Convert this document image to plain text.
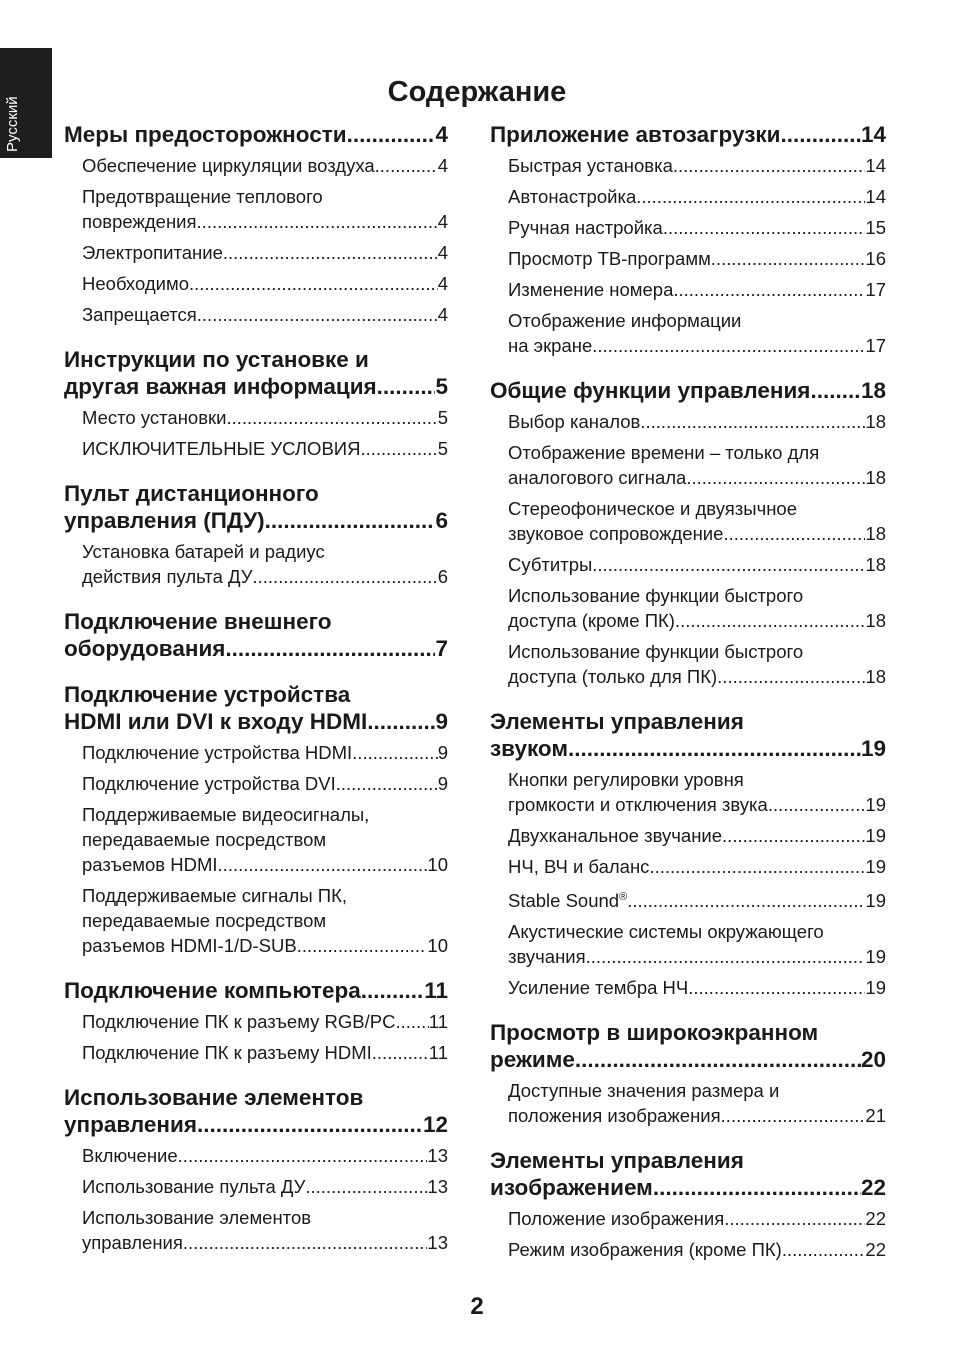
Русский
Содержание
Меры предосторожности .....	4
Обеспечение циркуляции воздуха .....	4
Предотвращение теплового
повреждения .....	4
Электропитание .....	4
Необходимо .....	4
Запрещается .....	4
Инструкции по установке и
другая важная информация .....	5
Место установки .....	5
ИСКЛЮЧИТЕЛЬНЫЕ УСЛОВИЯ .....	5
Пульт дистанционного
управления (ПДУ) .....	6
Установка батарей и радиус
действия пульта ДУ .....	6
Подключение внешнего
оборудования .....	7
Подключение устройства
HDMI или DVI к входу HDMI .....	9
Подключение устройства HDMI .....	9
Подключение устройства DVI .....	9
Поддерживаемые видеосигналы,
передаваемые посредством
разъемов HDMI .....	10
Поддерживаемые сигналы ПК,
передаваемые посредством
разъемов HDMI-1/D-SUB .....	10
Подключение компьютера .....	11
Подключение ПК к разъему RGB/PC ..... 11
Подключение ПК к разъему HDMI .....	11
Использование элементов
управления .....	12
Включение .....	13
Использование пульта ДУ .....	13
Использование элементов
управления .....	13
Приложение автозагрузки .....	14
Быстрая установка .....	14
Автонастройка .....	14
Ручная настройка .....	15
Просмотр ТВ-программ .....	16
Изменение номера .....	17
Отображение информации
на экране .....	17
Общие функции управления ..... 18
Выбор каналов .....	18
Отображение времени – только для
аналогового сигнала .....	18
Стереофоническое и двуязычное
звуковое сопровождение .....	18
Субтитры .....	18
Использование функции быстрого
доступа (кроме ПК) .....	18
Использование функции быстрого
доступа (только для ПК) .....	18
Элементы управления
звуком .....	19
Кнопки регулировки уровня
громкости и отключения звука .....	19
Двухканальное звучание .....	19
НЧ, ВЧ и баланс .....	19
Stable Sound® .....	19
Акустические системы окружающего
звучания .....	19
Усиление тембра НЧ .....	19
Просмотр в широкоэкранном
режиме .....	20
Доступные значения размера и
положения изображения .....	21
Элементы управления
изображением .....	22
Положение изображения .....	22
Режим изображения (кроме ПК) .....	22
2
